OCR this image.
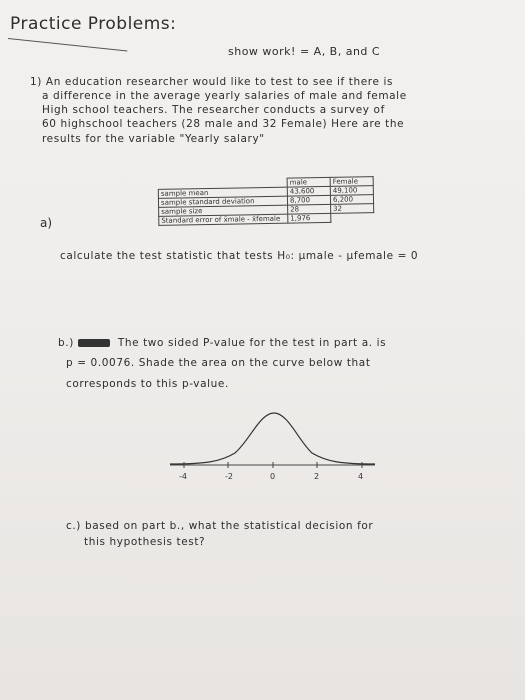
Practice Problems:
show work! = A, B, and C
1) An education researcher would like to test to see if there is
a difference in the average yearly salaries of male and female
High school teachers. The researcher conducts a survey of
60 highschool teachers (28 male and 32 Female) Here are the
results for the variable "Yearly salary"
	male	Female
sample mean	43,600	49,100
sample standard deviation	8,700	6,200
sample size	28	32
Standard error of x̄male - x̄female	1,976	
a)
calculate the test statistic that tests H₀: μmale - μfemale = 0
b.)	The two sided P-value for the test in part a. is
p = 0.0076. Shade the area on the curve below that
corresponds to this p-value.
-4	-2	0	2	4
c.) based on part b., what the statistical decision for
this hypothesis test?
